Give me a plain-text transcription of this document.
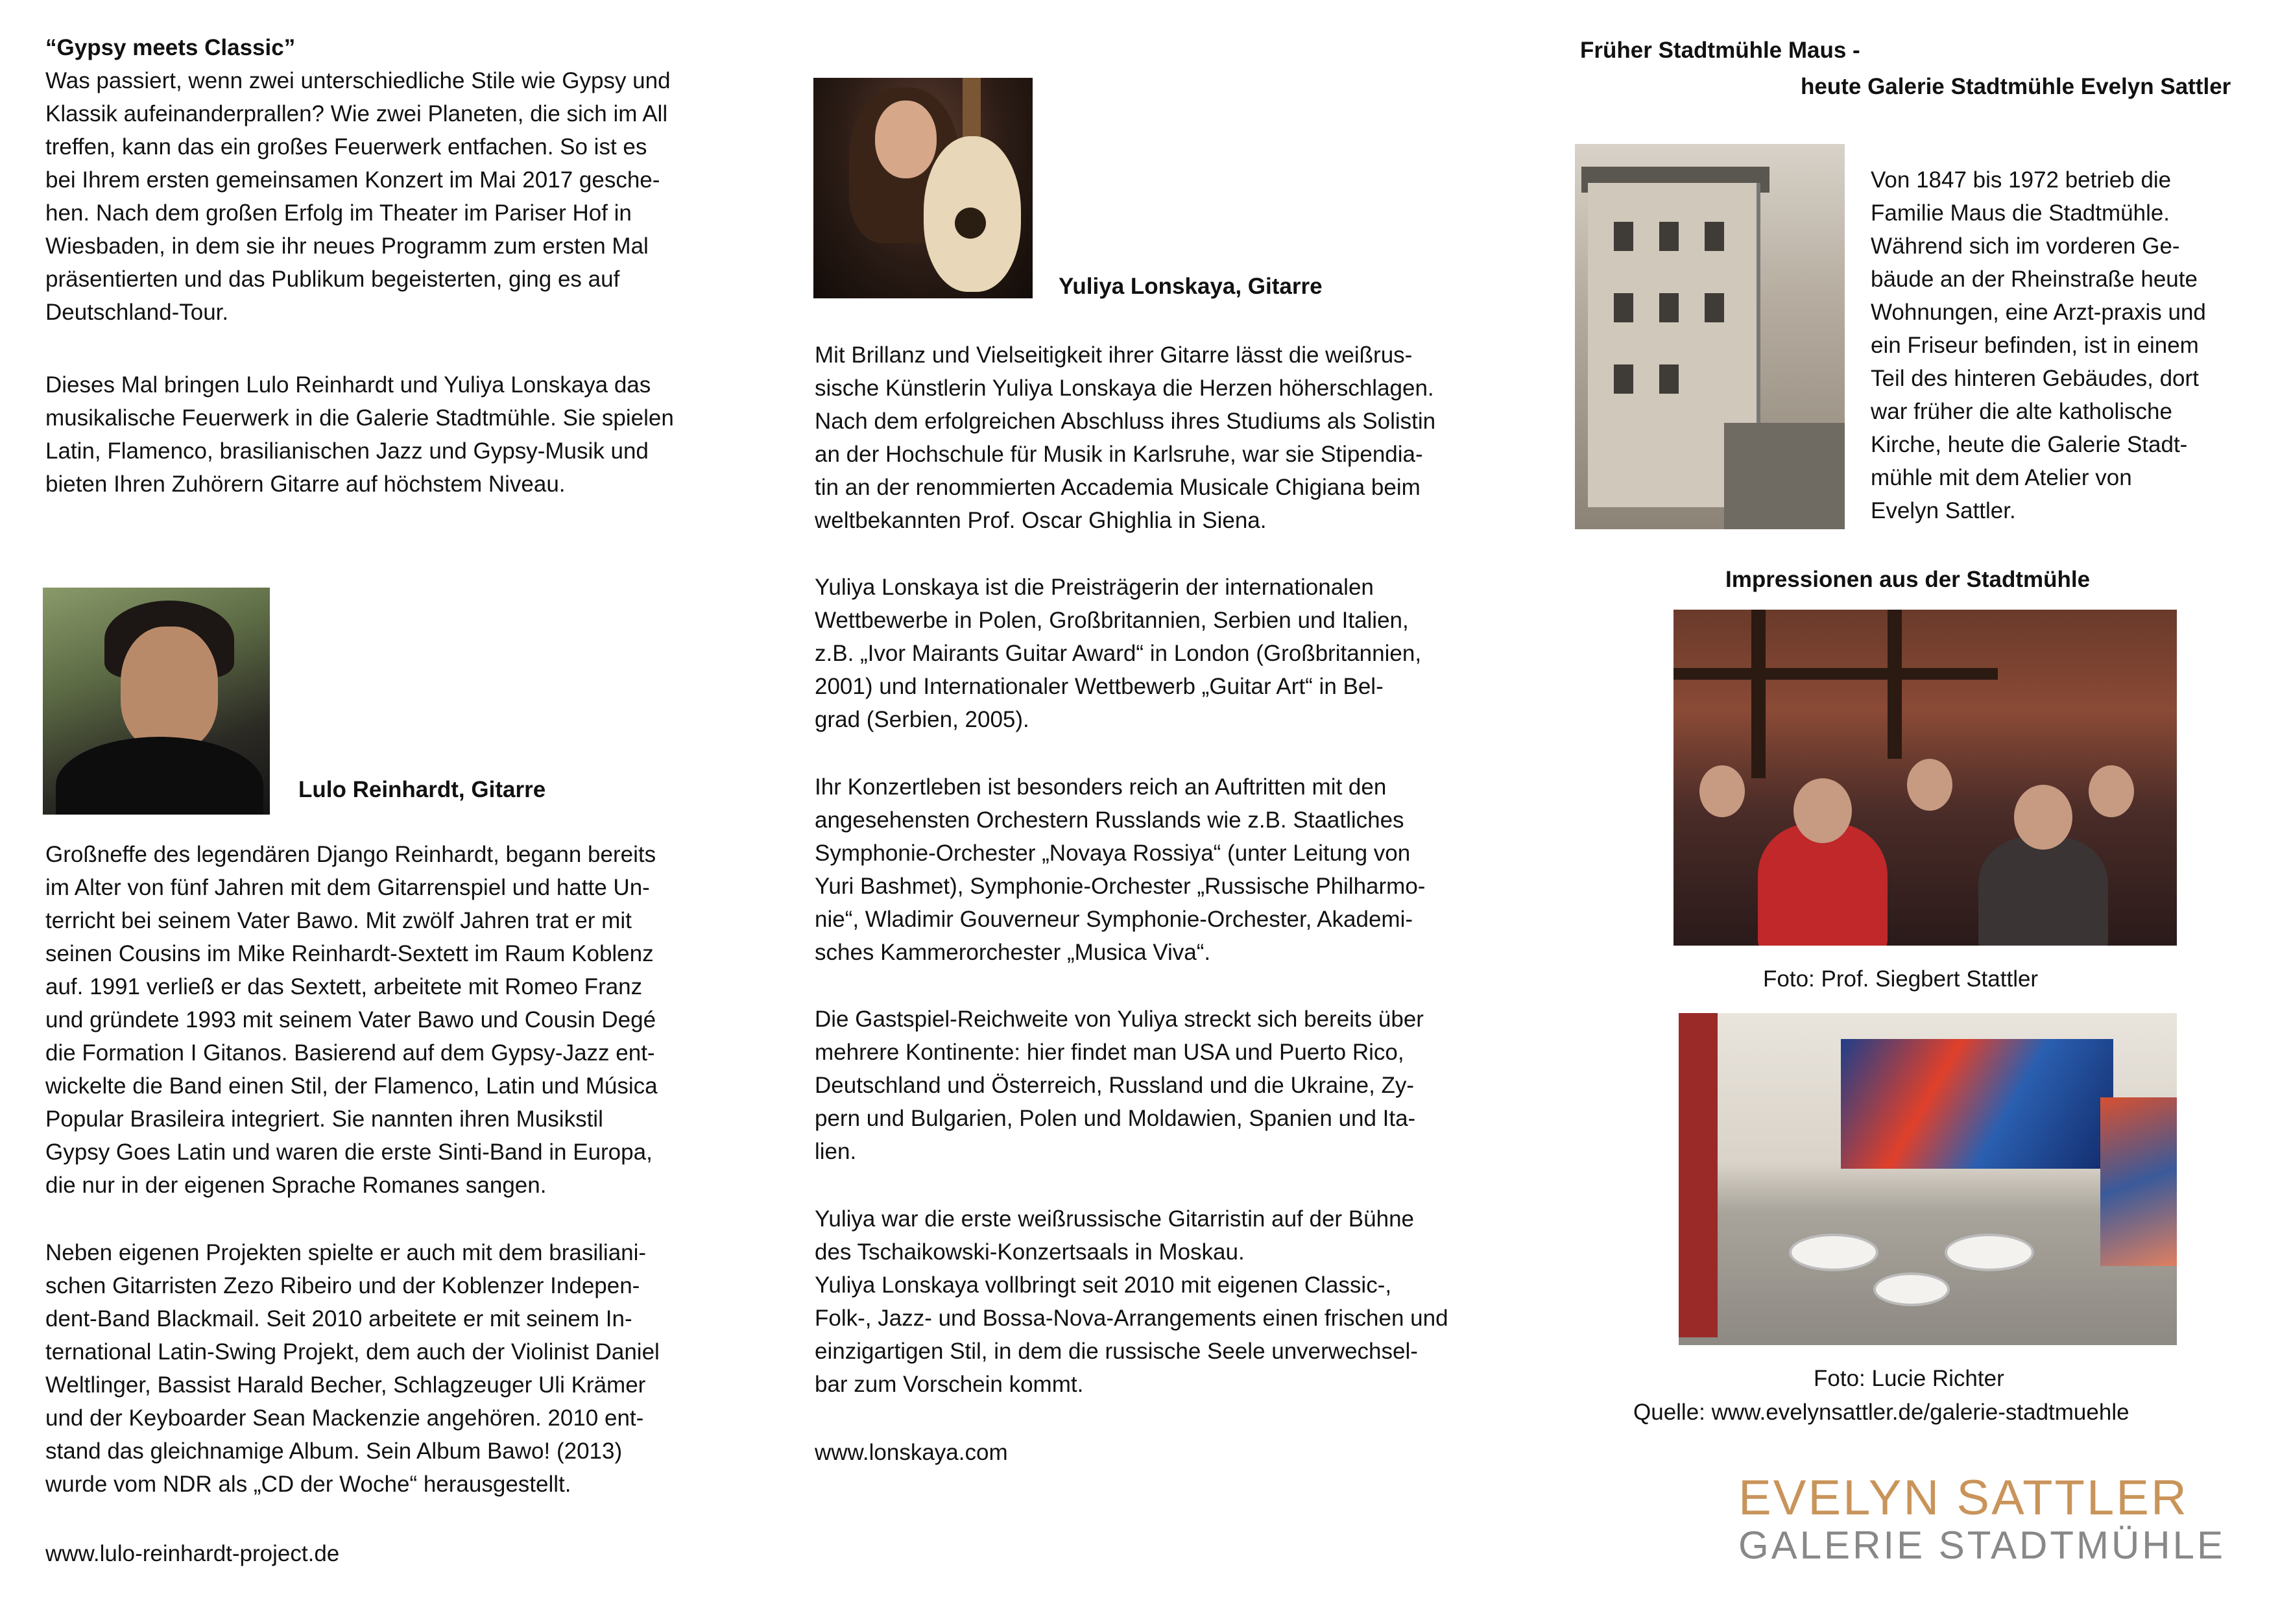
“Gypsy meets Classic”
Was passiert, wenn zwei unterschiedliche Stile wie Gypsy und
Klassik aufeinanderprallen? Wie zwei Planeten, die sich im All
treffen, kann das ein großes Feuerwerk entfachen. So ist es
bei Ihrem ersten gemeinsamen Konzert im Mai 2017 gesche-
hen. Nach dem großen Erfolg im Theater im Pariser Hof in
Wiesbaden, in dem sie ihr neues Programm zum ersten Mal
präsentierten und das Publikum begeisterten, ging es auf
Deutschland-Tour.
Dieses Mal bringen Lulo Reinhardt und Yuliya Lonskaya das
musikalische Feuerwerk in die Galerie Stadtmühle. Sie spielen
Latin, Flamenco, brasilianischen Jazz und Gypsy-Musik und
bieten Ihren Zuhörern Gitarre auf höchstem Niveau.
Lulo Reinhardt, Gitarre
Großneffe des legendären Django Reinhardt, begann bereits
im Alter von fünf Jahren mit dem Gitarrenspiel und hatte Un-
terricht bei seinem Vater Bawo. Mit zwölf Jahren trat er mit
seinen Cousins im Mike Reinhardt-Sextett im Raum Koblenz
auf. 1991 verließ er das Sextett, arbeitete mit Romeo Franz
und gründete 1993 mit seinem Vater Bawo und Cousin Degé
die Formation I Gitanos. Basierend auf dem Gypsy-Jazz ent-
wickelte die Band einen Stil, der Flamenco, Latin und Música
Popular Brasileira integriert. Sie nannten ihren Musikstil
Gypsy Goes Latin und waren die erste Sinti-Band in Europa,
die nur in der eigenen Sprache Romanes sangen.
Neben eigenen Projekten spielte er auch mit dem brasiliani-
schen Gitarristen Zezo Ribeiro und der Koblenzer Indepen-
dent-Band Blackmail. Seit 2010 arbeitete er mit seinem In-
ternational Latin-Swing Projekt, dem auch der Violinist Daniel
Weltlinger, Bassist Harald Becher, Schlagzeuger Uli Krämer
und der Keyboarder Sean Mackenzie angehören. 2010 ent-
stand das gleichnamige Album. Sein Album Bawo! (2013)
wurde vom NDR als „CD der Woche“ herausgestellt.
www.lulo-reinhardt-project.de
Yuliya Lonskaya, Gitarre
Mit Brillanz und Vielseitigkeit ihrer Gitarre lässt die weißrus-
sische Künstlerin Yuliya Lonskaya die Herzen höherschlagen.
Nach dem erfolgreichen Abschluss ihres Studiums als Solistin
an der Hochschule für Musik in Karlsruhe, war sie Stipendia-
tin an der renommierten Accademia Musicale Chigiana beim
weltbekannten Prof. Oscar Ghighlia in Siena.
Yuliya Lonskaya ist die Preisträgerin der internationalen
Wettbewerbe in Polen, Großbritannien, Serbien und Italien,
z.B. „Ivor Mairants Guitar Award“ in London (Großbritannien,
2001) und Internationaler Wettbewerb „Guitar Art“ in Bel-
grad (Serbien, 2005).
Ihr Konzertleben ist besonders reich an Auftritten mit den
angesehensten Orchestern Russlands wie z.B. Staatliches
Symphonie-Orchester „Novaya Rossiya“ (unter Leitung von
Yuri Bashmet), Symphonie-Orchester „Russische Philharmo-
nie“, Wladimir Gouverneur Symphonie-Orchester, Akademi-
sches Kammerorchester „Musica Viva“.
Die Gastspiel-Reichweite von Yuliya streckt sich bereits über
mehrere Kontinente: hier findet man USA und Puerto Rico,
Deutschland und Österreich, Russland und die Ukraine, Zy-
pern und Bulgarien, Polen und Moldawien, Spanien und Ita-
lien.
Yuliya war die erste weißrussische Gitarristin auf der Bühne
des Tschaikowski-Konzertsaals in Moskau.
Yuliya Lonskaya vollbringt seit 2010 mit eigenen Classic-,
Folk-, Jazz- und Bossa-Nova-Arrangements einen frischen und
einzigartigen Stil, in dem die russische Seele unverwechsel-
bar zum Vorschein kommt.
www.lonskaya.com
Früher Stadtmühle Maus -
heute Galerie Stadtmühle Evelyn Sattler
Von 1847 bis 1972 betrieb die
Familie Maus die Stadtmühle.
Während sich im vorderen Ge-
bäude an der Rheinstraße heute
Wohnungen, eine Arzt-praxis und
ein Friseur befinden, ist in einem
Teil des hinteren Gebäudes, dort
war früher die alte katholische
Kirche, heute die Galerie Stadt-
mühle mit dem Atelier von
Evelyn Sattler.
Impressionen aus der Stadtmühle
Foto: Prof. Siegbert Stattler
Foto: Lucie Richter
Quelle: www.evelynsattler.de/galerie-stadtmuehle
EVELYN SATTLER
GALERIE STADTMÜHLE
